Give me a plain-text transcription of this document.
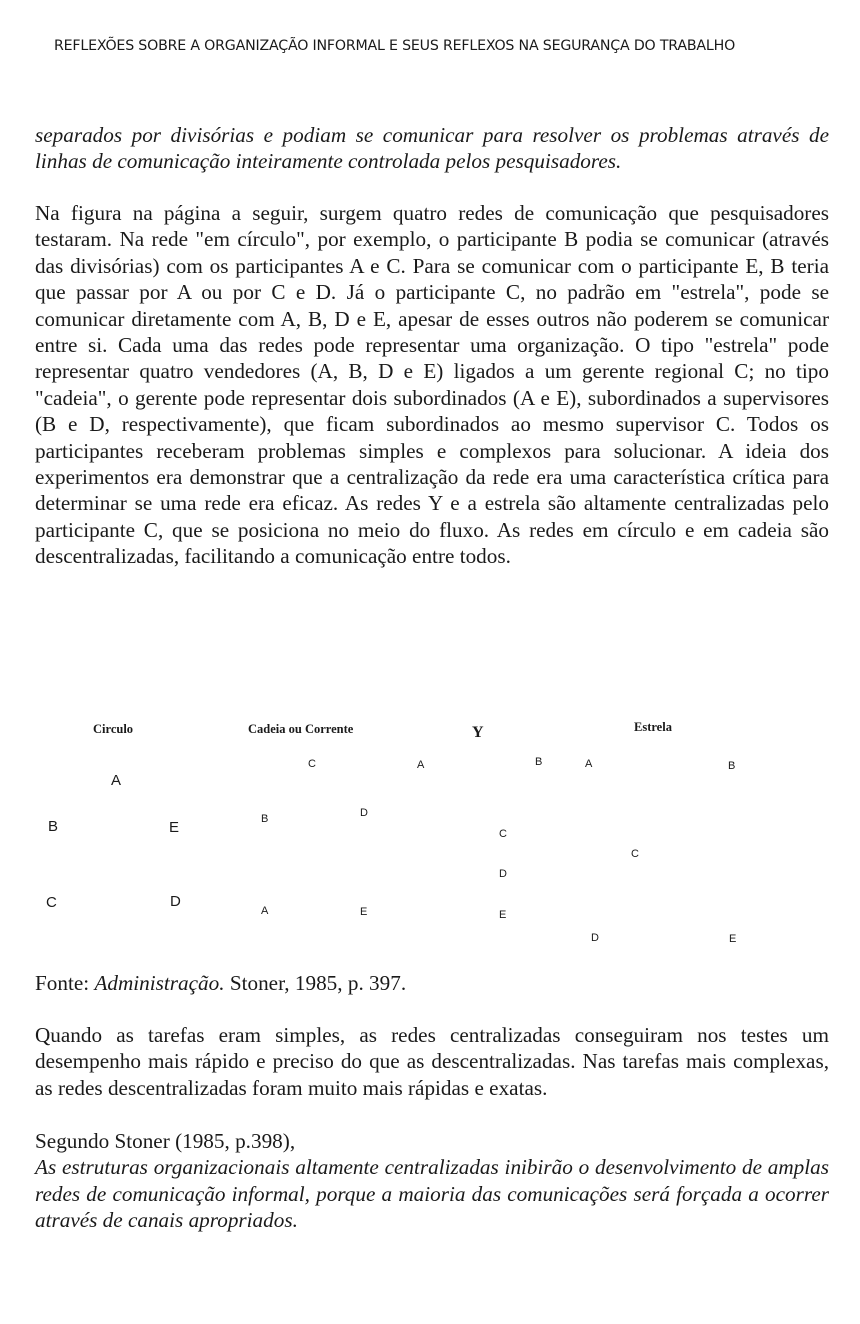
REFLEXÕES SOBRE A ORGANIZAÇÃO INFORMAL E SEUS REFLEXOS NA SEGURANÇA DO TRABALHO

separados por divisórias e podiam se comunicar para resolver os problemas através de linhas de comunicação inteiramente controlada pelos pesquisadores.

Na figura na página a seguir, surgem quatro redes de comunicação que pesquisadores testaram. Na rede "em círculo", por exemplo, o participante B podia se comunicar (através das divisórias) com os participantes A e C. Para se comunicar com o participante E, B teria que passar por A ou por C e D. Já o participante C, no padrão em "estrela", pode se comunicar diretamente com A, B, D e E, apesar de esses outros não poderem se comunicar entre si. Cada uma das redes pode representar uma organização. O tipo "estrela" pode representar quatro vendedores (A, B, D e E) ligados a um gerente regional C; no tipo "cadeia", o gerente pode representar dois subordinados (A e E), subordinados a supervisores (B e D, respectivamente), que ficam subordinados ao mesmo supervisor C. Todos os participantes receberam problemas simples e complexos para solucionar. A ideia dos experimentos era demonstrar que a centralização da rede era uma característica crítica para determinar se uma rede era eficaz. As redes Y e a estrela são altamente centralizadas pelo participante C, que se posiciona no meio do fluxo. As redes em círculo e em cadeia são descentralizadas, facilitando a comunicação entre todos.

Circulo	Cadeia ou Corrente	Y	Estrela
A
B	E
C	D
C
B	D
A	E
A	B
C
D
E
A	B
C
D	E
Fonte: Administração. Stoner, 1985, p. 397.

Quando as tarefas eram simples, as redes centralizadas conseguiram nos testes um desempenho mais rápido e preciso do que as descentralizadas. Nas tarefas mais complexas, as redes descentralizadas foram muito mais rápidas e exatas.

Segundo Stoner (1985, p.398),
As estruturas organizacionais altamente centralizadas inibirão o desenvolvimento de amplas redes de comunicação informal, porque a maioria das comunicações será forçada a ocorrer através de canais apropriados.
